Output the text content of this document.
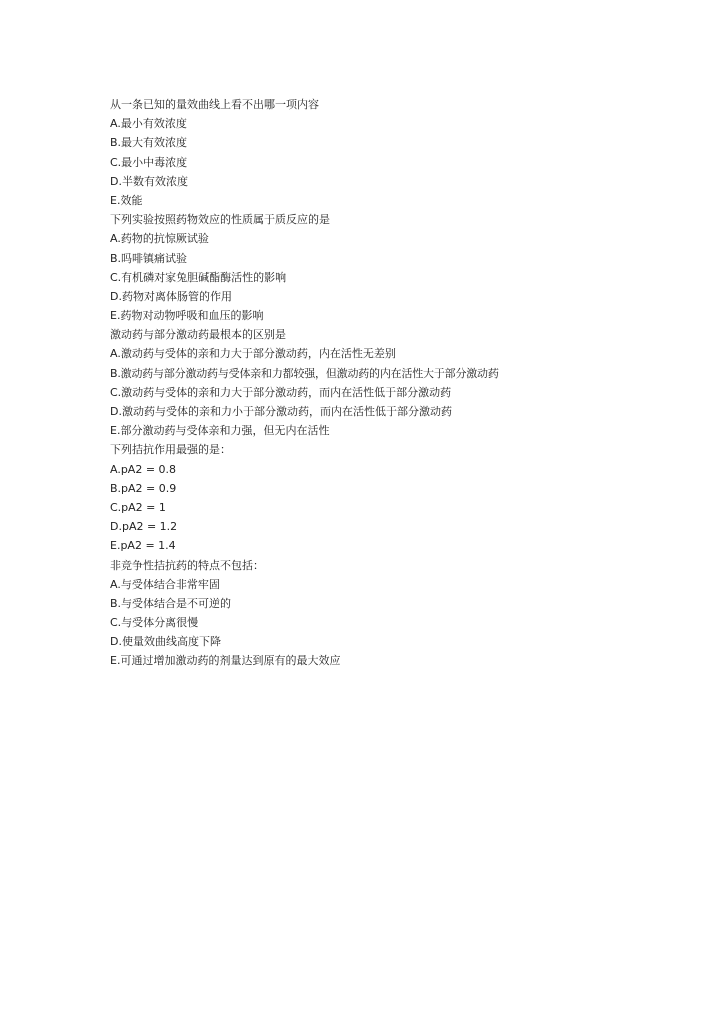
从一条已知的量效曲线上看不出哪一项内容
A.最小有效浓度
B.最大有效浓度
C.最小中毒浓度
D.半数有效浓度
E.效能
下列实验按照药物效应的性质属于质反应的是
A.药物的抗惊厥试验
B.吗啡镇痛试验
C.有机磷对家兔胆碱酯酶活性的影响
D.药物对离体肠管的作用
E.药物对动物呼吸和血压的影响
激动药与部分激动药最根本的区别是
A.激动药与受体的亲和力大于部分激动药，内在活性无差别
B.激动药与部分激动药与受体亲和力都较强，但激动药的内在活性大于部分激动药
C.激动药与受体的亲和力大于部分激动药，而内在活性低于部分激动药
D.激动药与受体的亲和力小于部分激动药，而内在活性低于部分激动药
E.部分激动药与受体亲和力强，但无内在活性
下列拮抗作用最强的是：
A.pA2 = 0.8
B.pA2 = 0.9
C.pA2 = 1
D.pA2 = 1.2
E.pA2 = 1.4
非竞争性拮抗药的特点不包括：
A.与受体结合非常牢固
B.与受体结合是不可逆的
C.与受体分离很慢
D.使量效曲线高度下降
E.可通过增加激动药的剂量达到原有的最大效应
